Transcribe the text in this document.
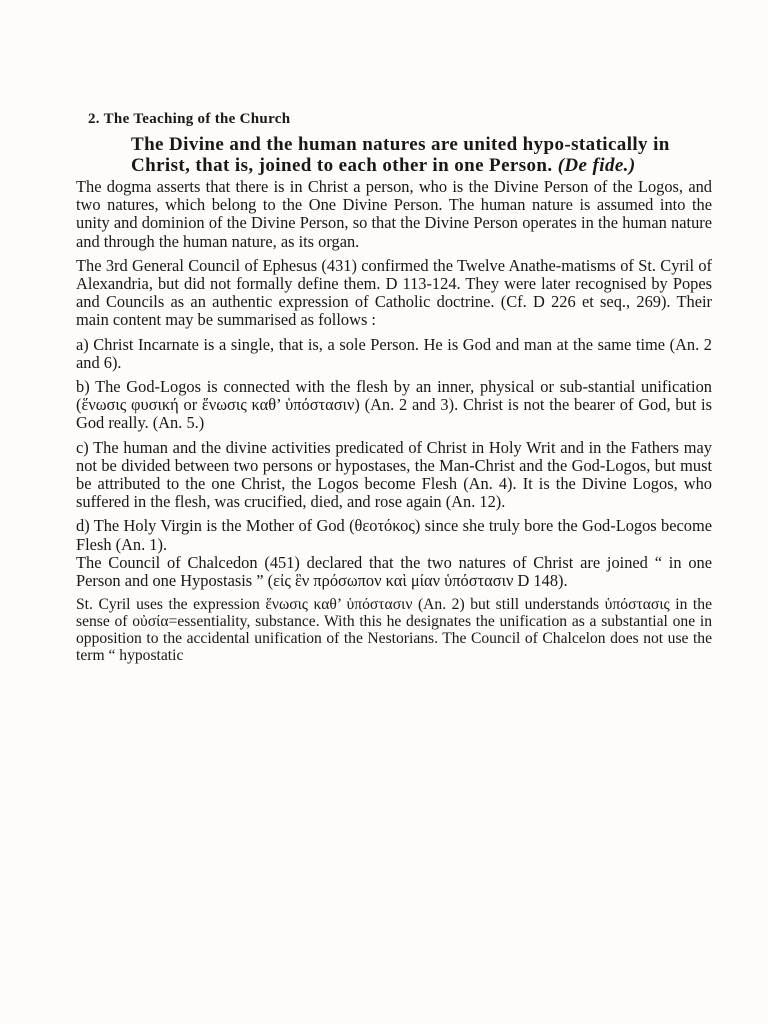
2. The Teaching of the Church
The Divine and the human natures are united hypo-statically in Christ, that is, joined to each other in one Person. (De fide.)

The dogma asserts that there is in Christ a person, who is the Divine Person of the Logos, and two natures, which belong to the One Divine Person. The human nature is assumed into the unity and dominion of the Divine Person, so that the Divine Person operates in the human nature and through the human nature, as its organ.

The 3rd General Council of Ephesus (431) confirmed the Twelve Anathe-matisms of St. Cyril of Alexandria, but did not formally define them. D 113-124. They were later recognised by Popes and Councils as an authentic expression of Catholic doctrine. (Cf. D 226 et seq., 269). Their main content may be summarised as follows :

a) Christ Incarnate is a single, that is, a sole Person. He is God and man at the same time (An. 2 and 6).

b) The God-Logos is connected with the flesh by an inner, physical or sub-stantial unification (ἕνωσις φυσική or ἕνωσις καθ’ ὑπόστασιν) (An. 2 and 3). Christ is not the bearer of God, but is God really. (An. 5.)

c) The human and the divine activities predicated of Christ in Holy Writ and in the Fathers may not be divided between two persons or hypostases, the Man-Christ and the God-Logos, but must be attributed to the one Christ, the Logos become Flesh (An. 4). It is the Divine Logos, who suffered in the flesh, was crucified, died, and rose again (An. 12).

d) The Holy Virgin is the Mother of God (θεοτόκος) since she truly bore the God-Logos become Flesh (An. 1).

The Council of Chalcedon (451) declared that the two natures of Christ are joined “ in one Person and one Hypostasis ” (εἰς ἓν πρόσωπον καὶ μίαν ὑπόστασιν D 148).

St. Cyril uses the expression ἕνωσις καθ’ ὑπόστασιν (An. 2) but still understands ὑπόστασις in the sense of οὐσία=essentiality, substance. With this he designates the unification as a substantial one in opposition to the accidental unification of the Nestorians. The Council of Chalcelon does not use the term “ hypostatic
